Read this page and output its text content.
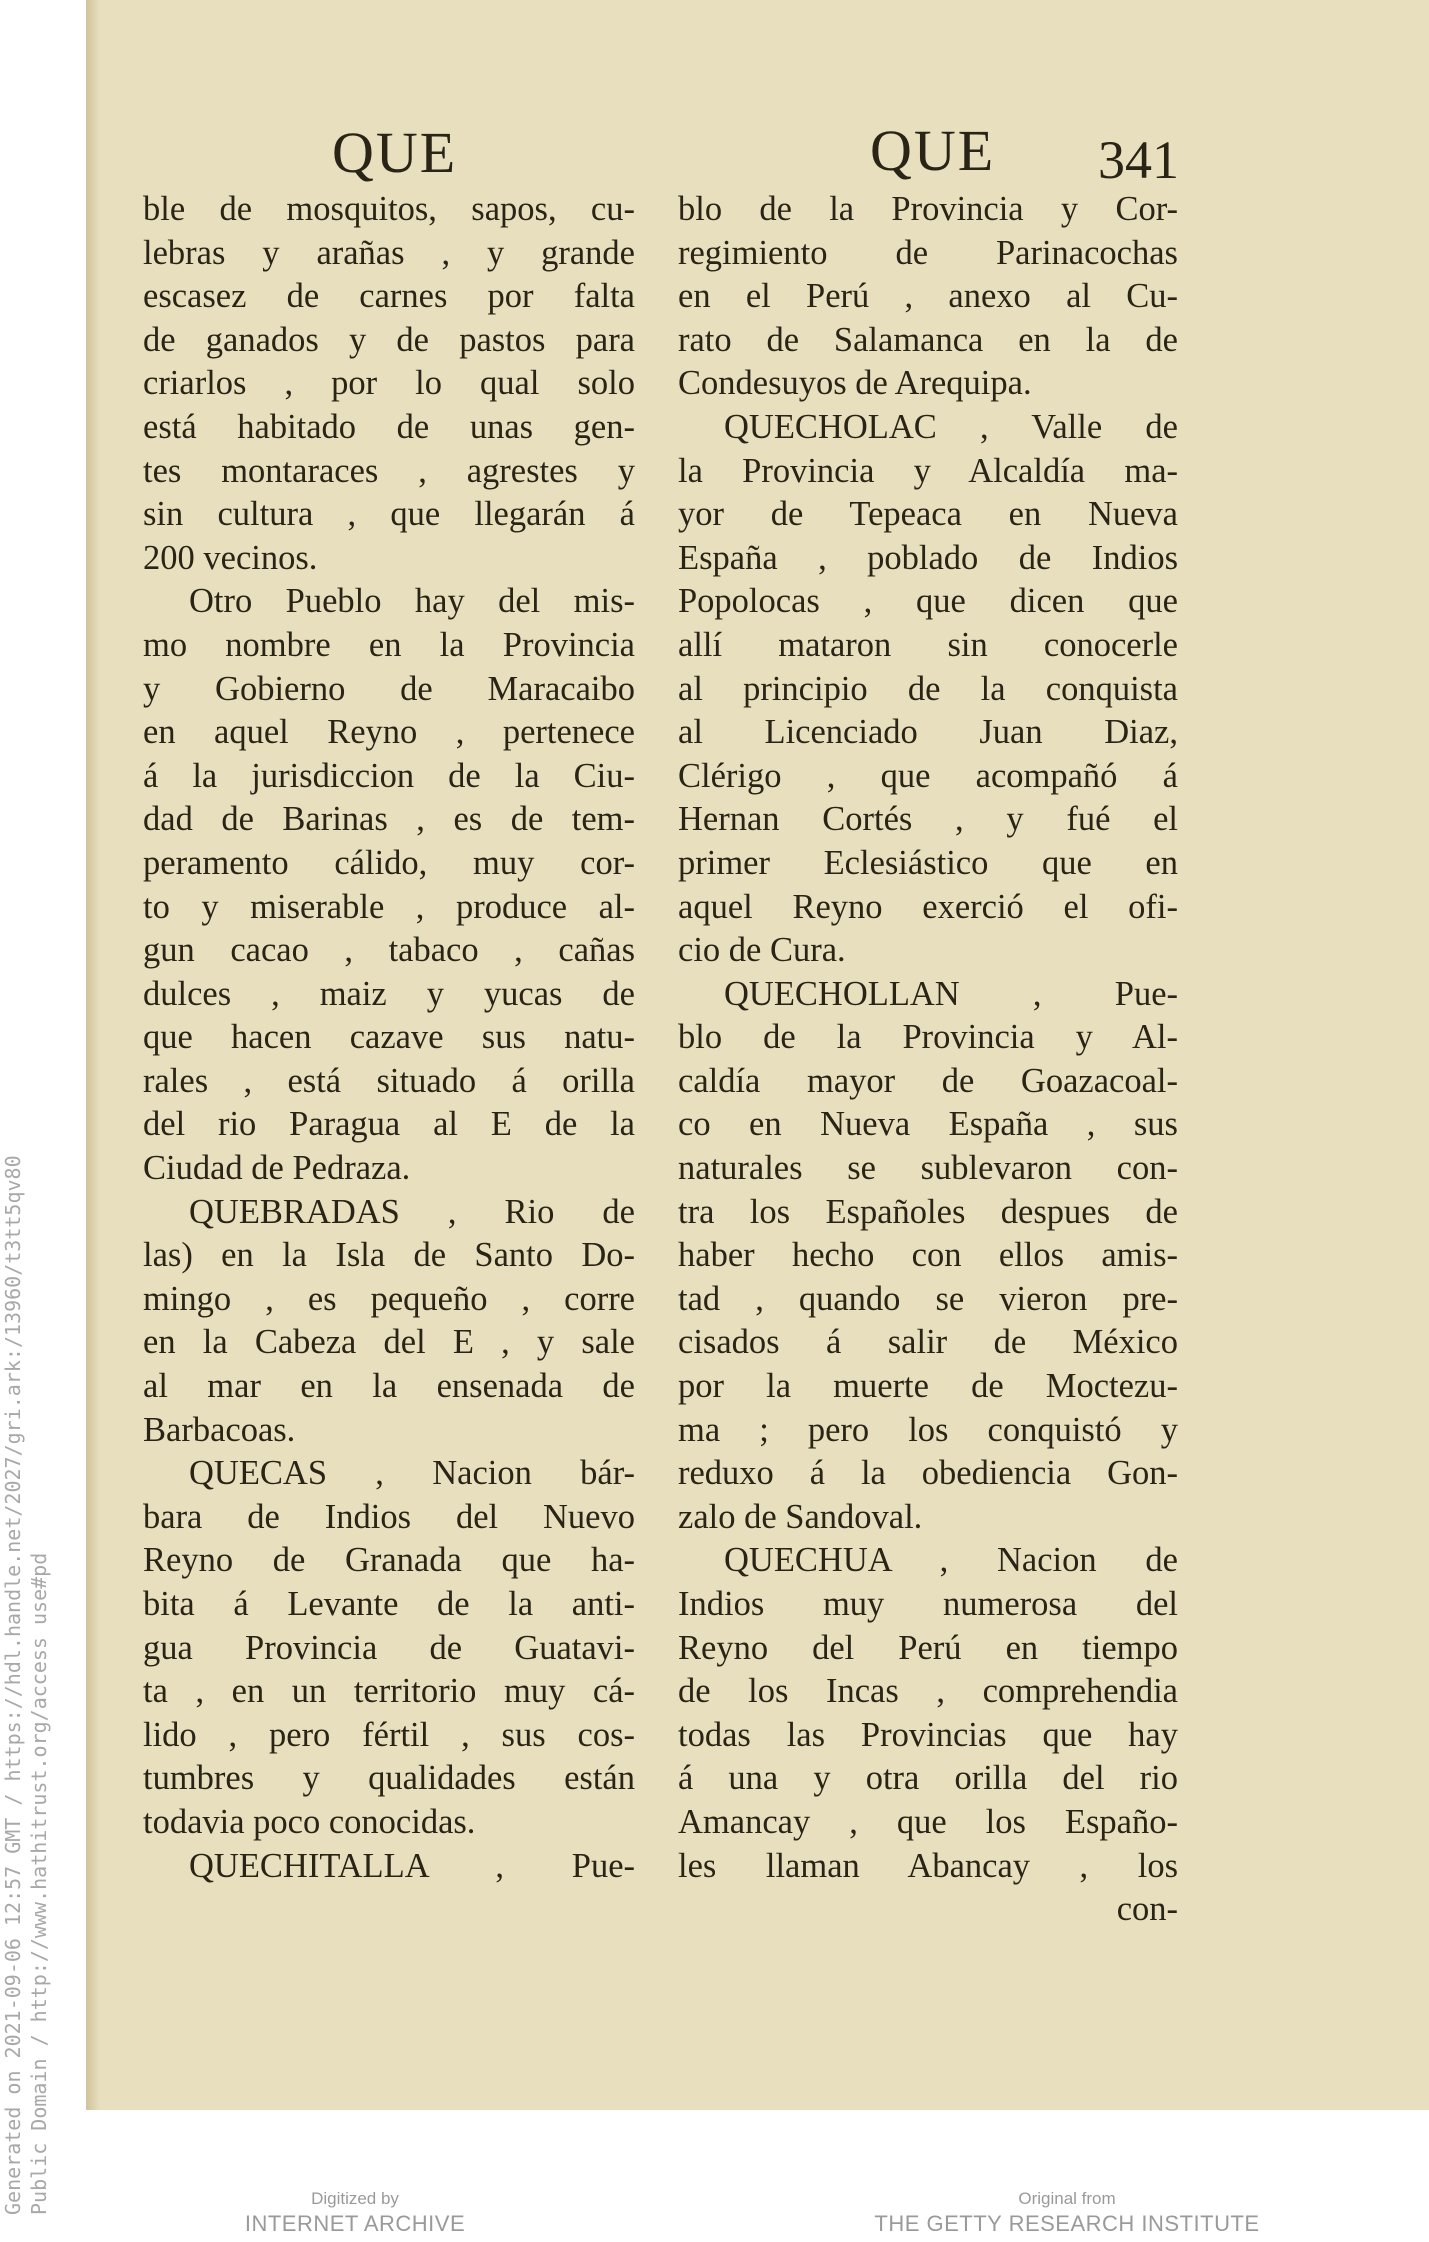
Generated on 2021-09-06 12:57 GMT / https://hdl.handle.net/2027/gri.ark:/13960/t3tt5qv80 Public Domain / http://www.hathitrust.org/access use#pd
QUE	QUE 341
ble de mosquitos, sapos, cu-
lebras y arañas , y grande
escasez de carnes por falta
de ganados y de pastos para
criarlos , por lo qual solo
está habitado de unas gen-
tes montaraces , agrestes y
sin cultura , que llegarán á
200 vecinos.
Otro Pueblo hay del mis-
mo nombre en la Provincia
y Gobierno de Maracaibo
en aquel Reyno , pertenece
á la jurisdiccion de la Ciu-
dad de Barinas , es de tem-
peramento cálido, muy cor-
to y miserable , produce al-
gun cacao , tabaco , cañas
dulces , maiz y yucas de
que hacen cazave sus natu-
rales , está situado á orilla
del rio Paragua al E de la
Ciudad de Pedraza.
QUEBRADAS , Rio de
las) en la Isla de Santo Do-
mingo , es pequeño , corre
en la Cabeza del E , y sale
al mar en la ensenada de
Barbacoas.
QUECAS , Nacion bár-
bara de Indios del Nuevo
Reyno de Granada que ha-
bita á Levante de la anti-
gua Provincia de Guatavi-
ta , en un territorio muy cá-
lido , pero fértil , sus cos-
tumbres y qualidades están
todavia poco conocidas.
QUECHITALLA , Pue-
blo de la Provincia y Cor-
regimiento de Parinacochas
en el Perú , anexo al Cu-
rato de Salamanca en la de
Condesuyos de Arequipa.
QUECHOLAC , Valle de
la Provincia y Alcaldía ma-
yor de Tepeaca en Nueva
España , poblado de Indios
Popolocas , que dicen que
allí mataron sin conocerle
al principio de la conquista
al Licenciado Juan Diaz,
Clérigo , que acompañó á
Hernan Cortés , y fué el
primer Eclesiástico que en
aquel Reyno exerció el ofi-
cio de Cura.
QUECHOLLAN , Pue-
blo de la Provincia y Al-
caldía mayor de Goazacoal-
co en Nueva España , sus
naturales se sublevaron con-
tra los Españoles despues de
haber hecho con ellos amis-
tad , quando se vieron pre-
cisados á salir de México
por la muerte de Moctezu-
ma ; pero los conquistó y
reduxo á la obediencia Gon-
zalo de Sandoval.
QUECHUA , Nacion de
Indios muy numerosa del
Reyno del Perú en tiempo
de los Incas , comprehendia
todas las Provincias que hay
á una y otra orilla del rio
Amancay , que los Españo-
les llaman Abancay , los
con-
Digitized by
INTERNET ARCHIVE
Original from
THE GETTY RESEARCH INSTITUTE
